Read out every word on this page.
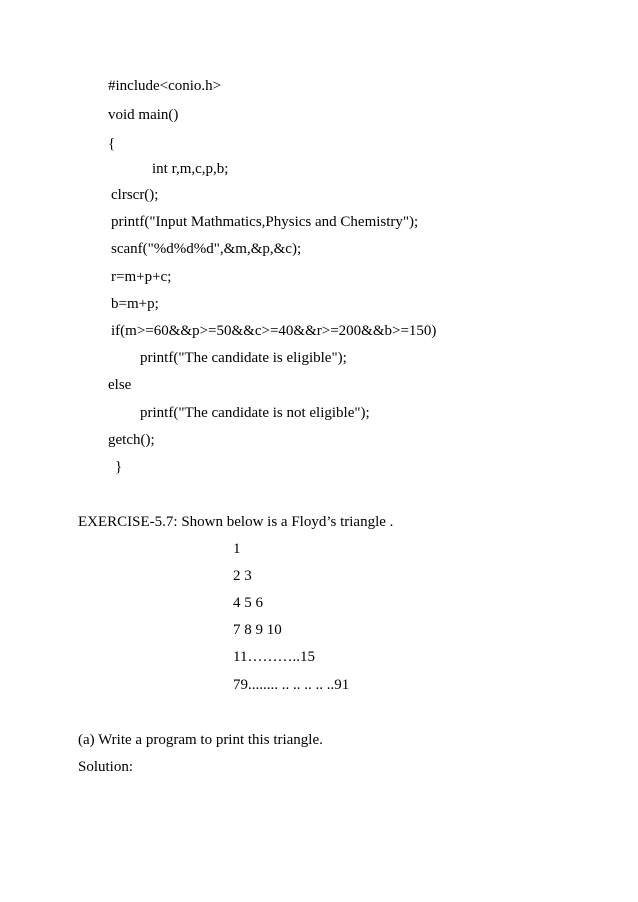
#include<conio.h>
void main()
{
int r,m,c,p,b;
clrscr();
printf("Input Mathmatics,Physics and Chemistry");
scanf("%d%d%d",&m,&p,&c);
r=m+p+c;
b=m+p;
if(m>=60&&p>=50&&c>=40&&r>=200&&b>=150)
printf("The candidate is eligible");
else
printf("The candidate is not eligible");
getch();
}
EXERCISE-5.7: Shown below is a Floyd’s triangle .
1
2 3
4 5 6
7 8 9 10
11………..15
79........ .. .. .. .. ..91
(a) Write a program to print this triangle.
Solution:
